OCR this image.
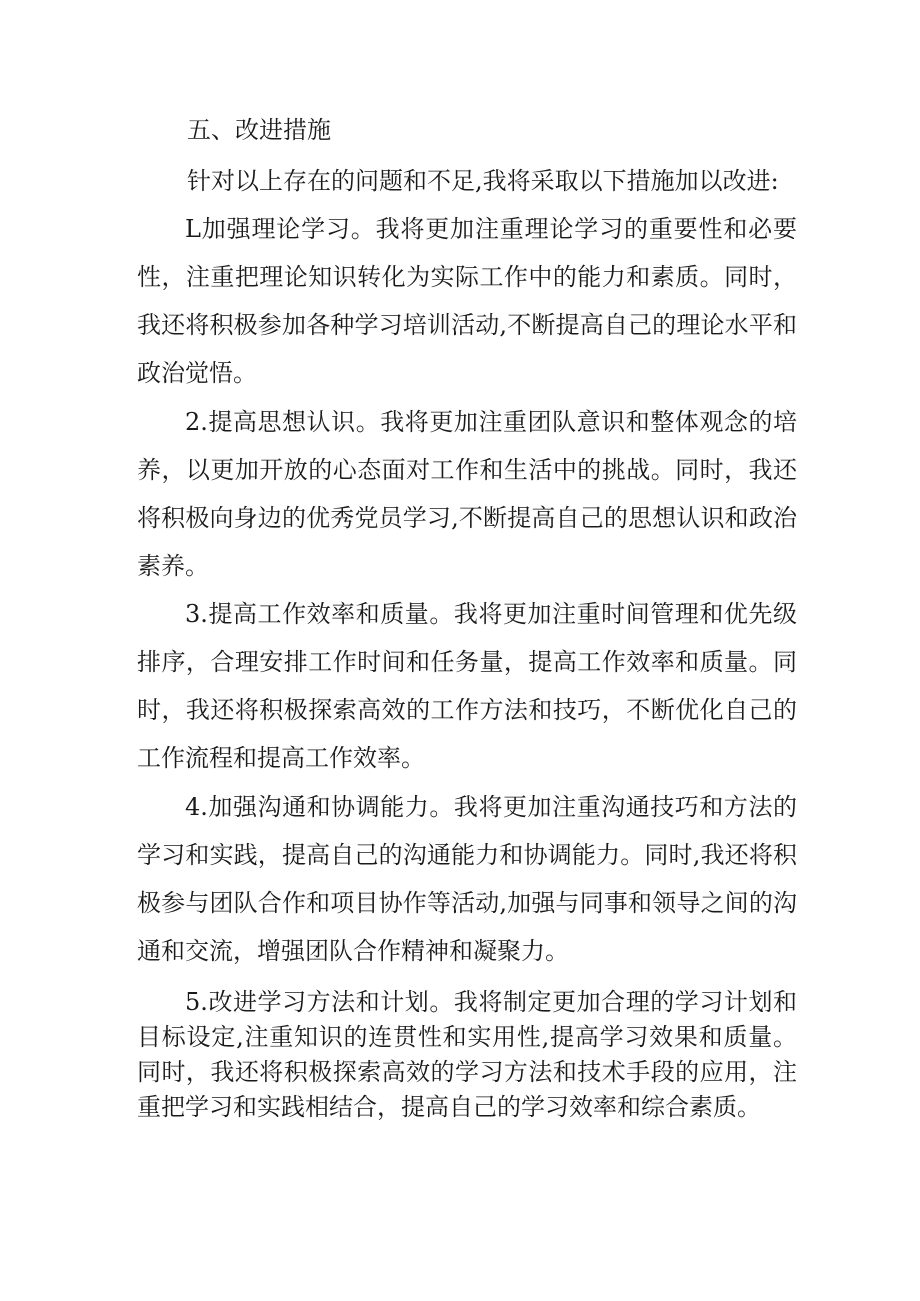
五、改进措施
针对以上存在的问题和不足,我将采取以下措施加以改进:

L加强理论学习。我将更加注重理论学习的重要性和必要性，注重把理论知识转化为实际工作中的能力和素质。同时，我还将积极参加各种学习培训活动,不断提高自己的理论水平和政治觉悟。

2.提高思想认识。我将更加注重团队意识和整体观念的培养，以更加开放的心态面对工作和生活中的挑战。同时，我还将积极向身边的优秀党员学习,不断提高自己的思想认识和政治素养。

3.提高工作效率和质量。我将更加注重时间管理和优先级排序，合理安排工作时间和任务量，提高工作效率和质量。同时，我还将积极探索高效的工作方法和技巧，不断优化自己的工作流程和提高工作效率。

4.加强沟通和协调能力。我将更加注重沟通技巧和方法的学习和实践，提高自己的沟通能力和协调能力。同时,我还将积极参与团队合作和项目协作等活动,加强与同事和领导之间的沟通和交流，增强团队合作精神和凝聚力。

5.改进学习方法和计划。我将制定更加合理的学习计划和目标设定,注重知识的连贯性和实用性,提高学习效果和质量。同时，我还将积极探索高效的学习方法和技术手段的应用，注重把学习和实践相结合，提高自己的学习效率和综合素质。
